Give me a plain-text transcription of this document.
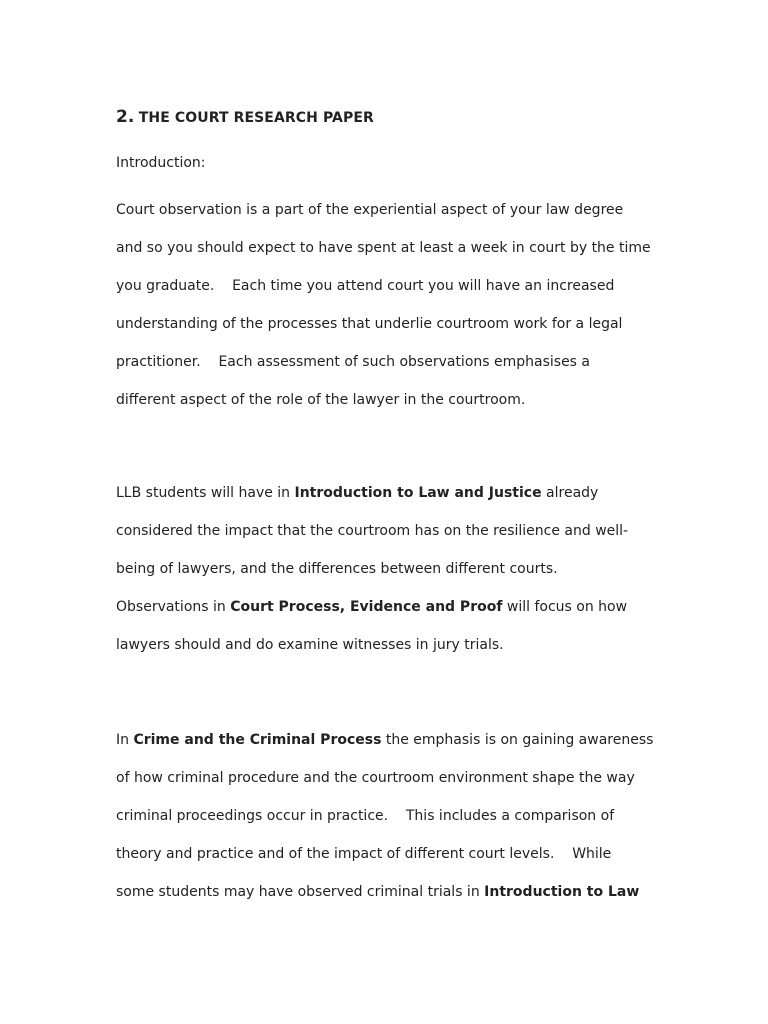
2. THE COURT RESEARCH PAPER
Introduction:
Court observation is a part of the experiential aspect of your law degree
and so you should expect to have spent at least a week in court by the time
you graduate.    Each time you attend court you will have an increased
understanding of the processes that underlie courtroom work for a legal
practitioner.    Each assessment of such observations emphasises a
different aspect of the role of the lawyer in the courtroom.
LLB students will have in Introduction to Law and Justice already
considered the impact that the courtroom has on the resilience and well-
being of lawyers, and the differences between different courts.
Observations in Court Process, Evidence and Proof will focus on how
lawyers should and do examine witnesses in jury trials.
In Crime and the Criminal Process the emphasis is on gaining awareness
of how criminal procedure and the courtroom environment shape the way
criminal proceedings occur in practice.    This includes a comparison of
theory and practice and of the impact of different court levels.    While
some students may have observed criminal trials in Introduction to Law
